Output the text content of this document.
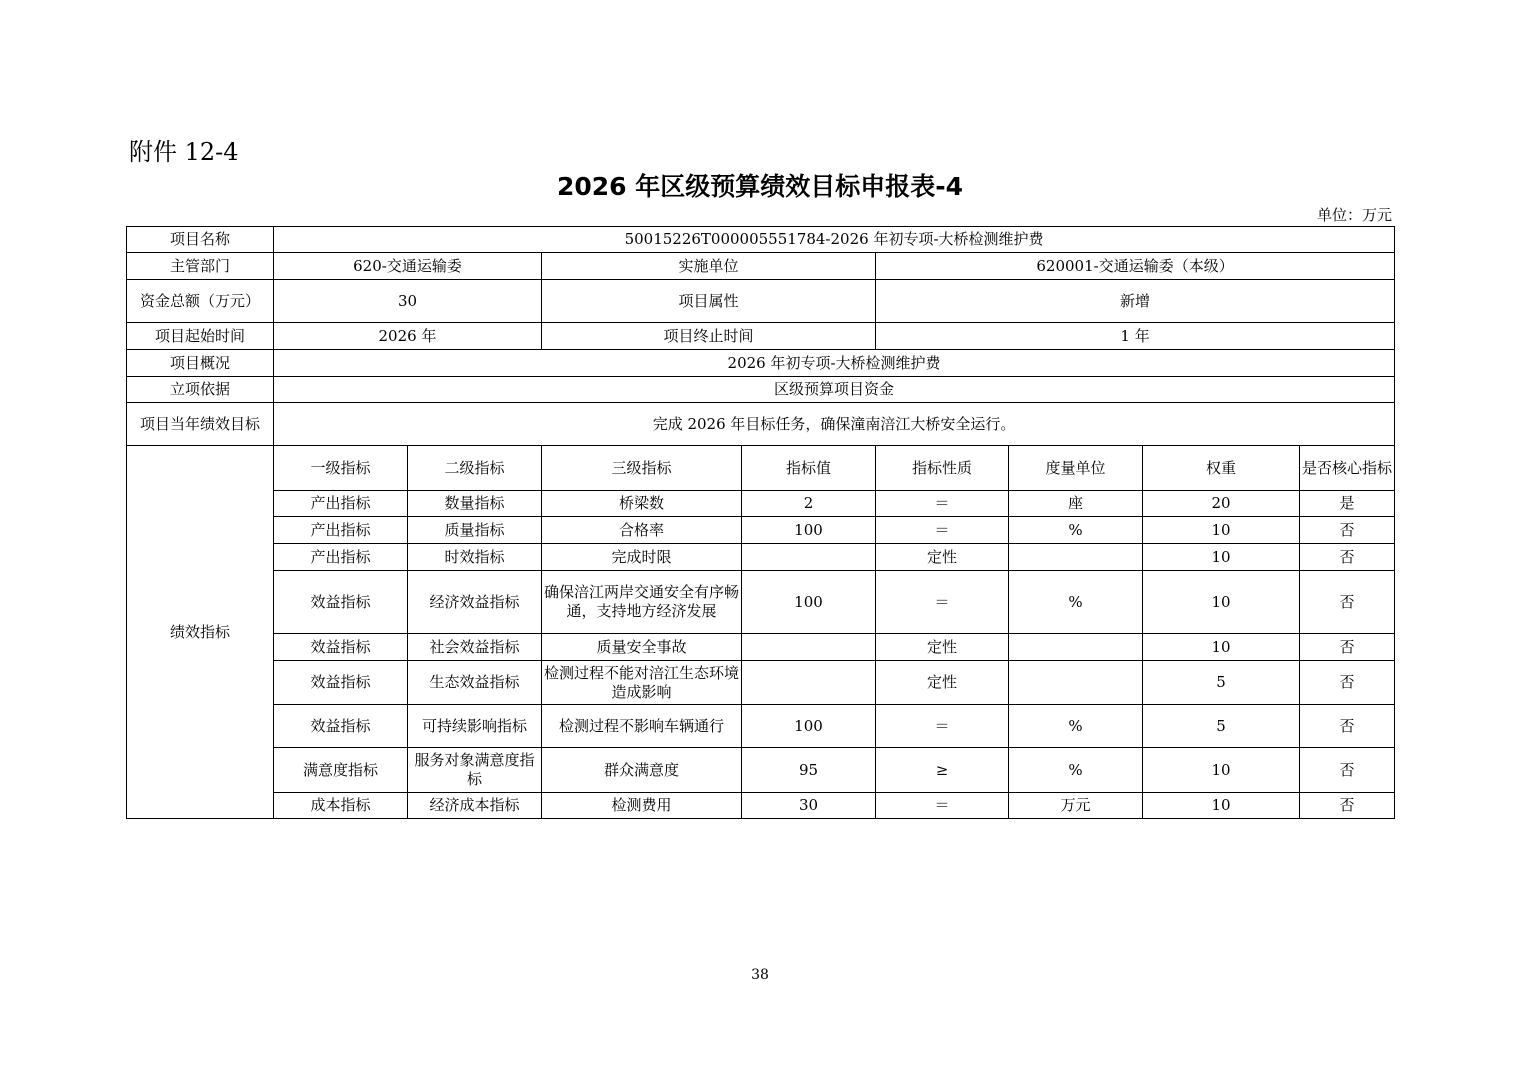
附件 12-4
2026 年区级预算绩效目标申报表-4
单位：万元
项目名称	50015226T000005551784-2026 年初专项-大桥检测维护费							
主管部门	620-交通运输委		实施单位		620001-交通运输委（本级）			
资金总额（万元）	30		项目属性		新增			
项目起始时间	2026 年		项目终止时间		1 年			
项目概况	2026 年初专项-大桥检测维护费							
立项依据	区级预算项目资金							
项目当年绩效目标	完成 2026 年目标任务，确保潼南涪江大桥安全运行。							
绩效指标	一级指标	二级指标	三级指标	指标值	指标性质	度量单位	权重	是否核心指标
	产出指标	数量指标	桥梁数	2	＝	座	20	是
	产出指标	质量指标	合格率	100	＝	%	10	否
	产出指标	时效指标	完成时限		定性		10	否
	效益指标	经济效益指标	确保涪江两岸交通安全有序畅通，支持地方经济发展	100	＝	%	10	否
	效益指标	社会效益指标	质量安全事故		定性		10	否
	效益指标	生态效益指标	检测过程不能对涪江生态环境造成影响		定性		5	否
	效益指标	可持续影响指标	检测过程不影响车辆通行	100	＝	%	5	否
	满意度指标	服务对象满意度指标	群众满意度	95	≥	%	10	否
	成本指标	经济成本指标	检测费用	30	＝	万元	10	否
38
